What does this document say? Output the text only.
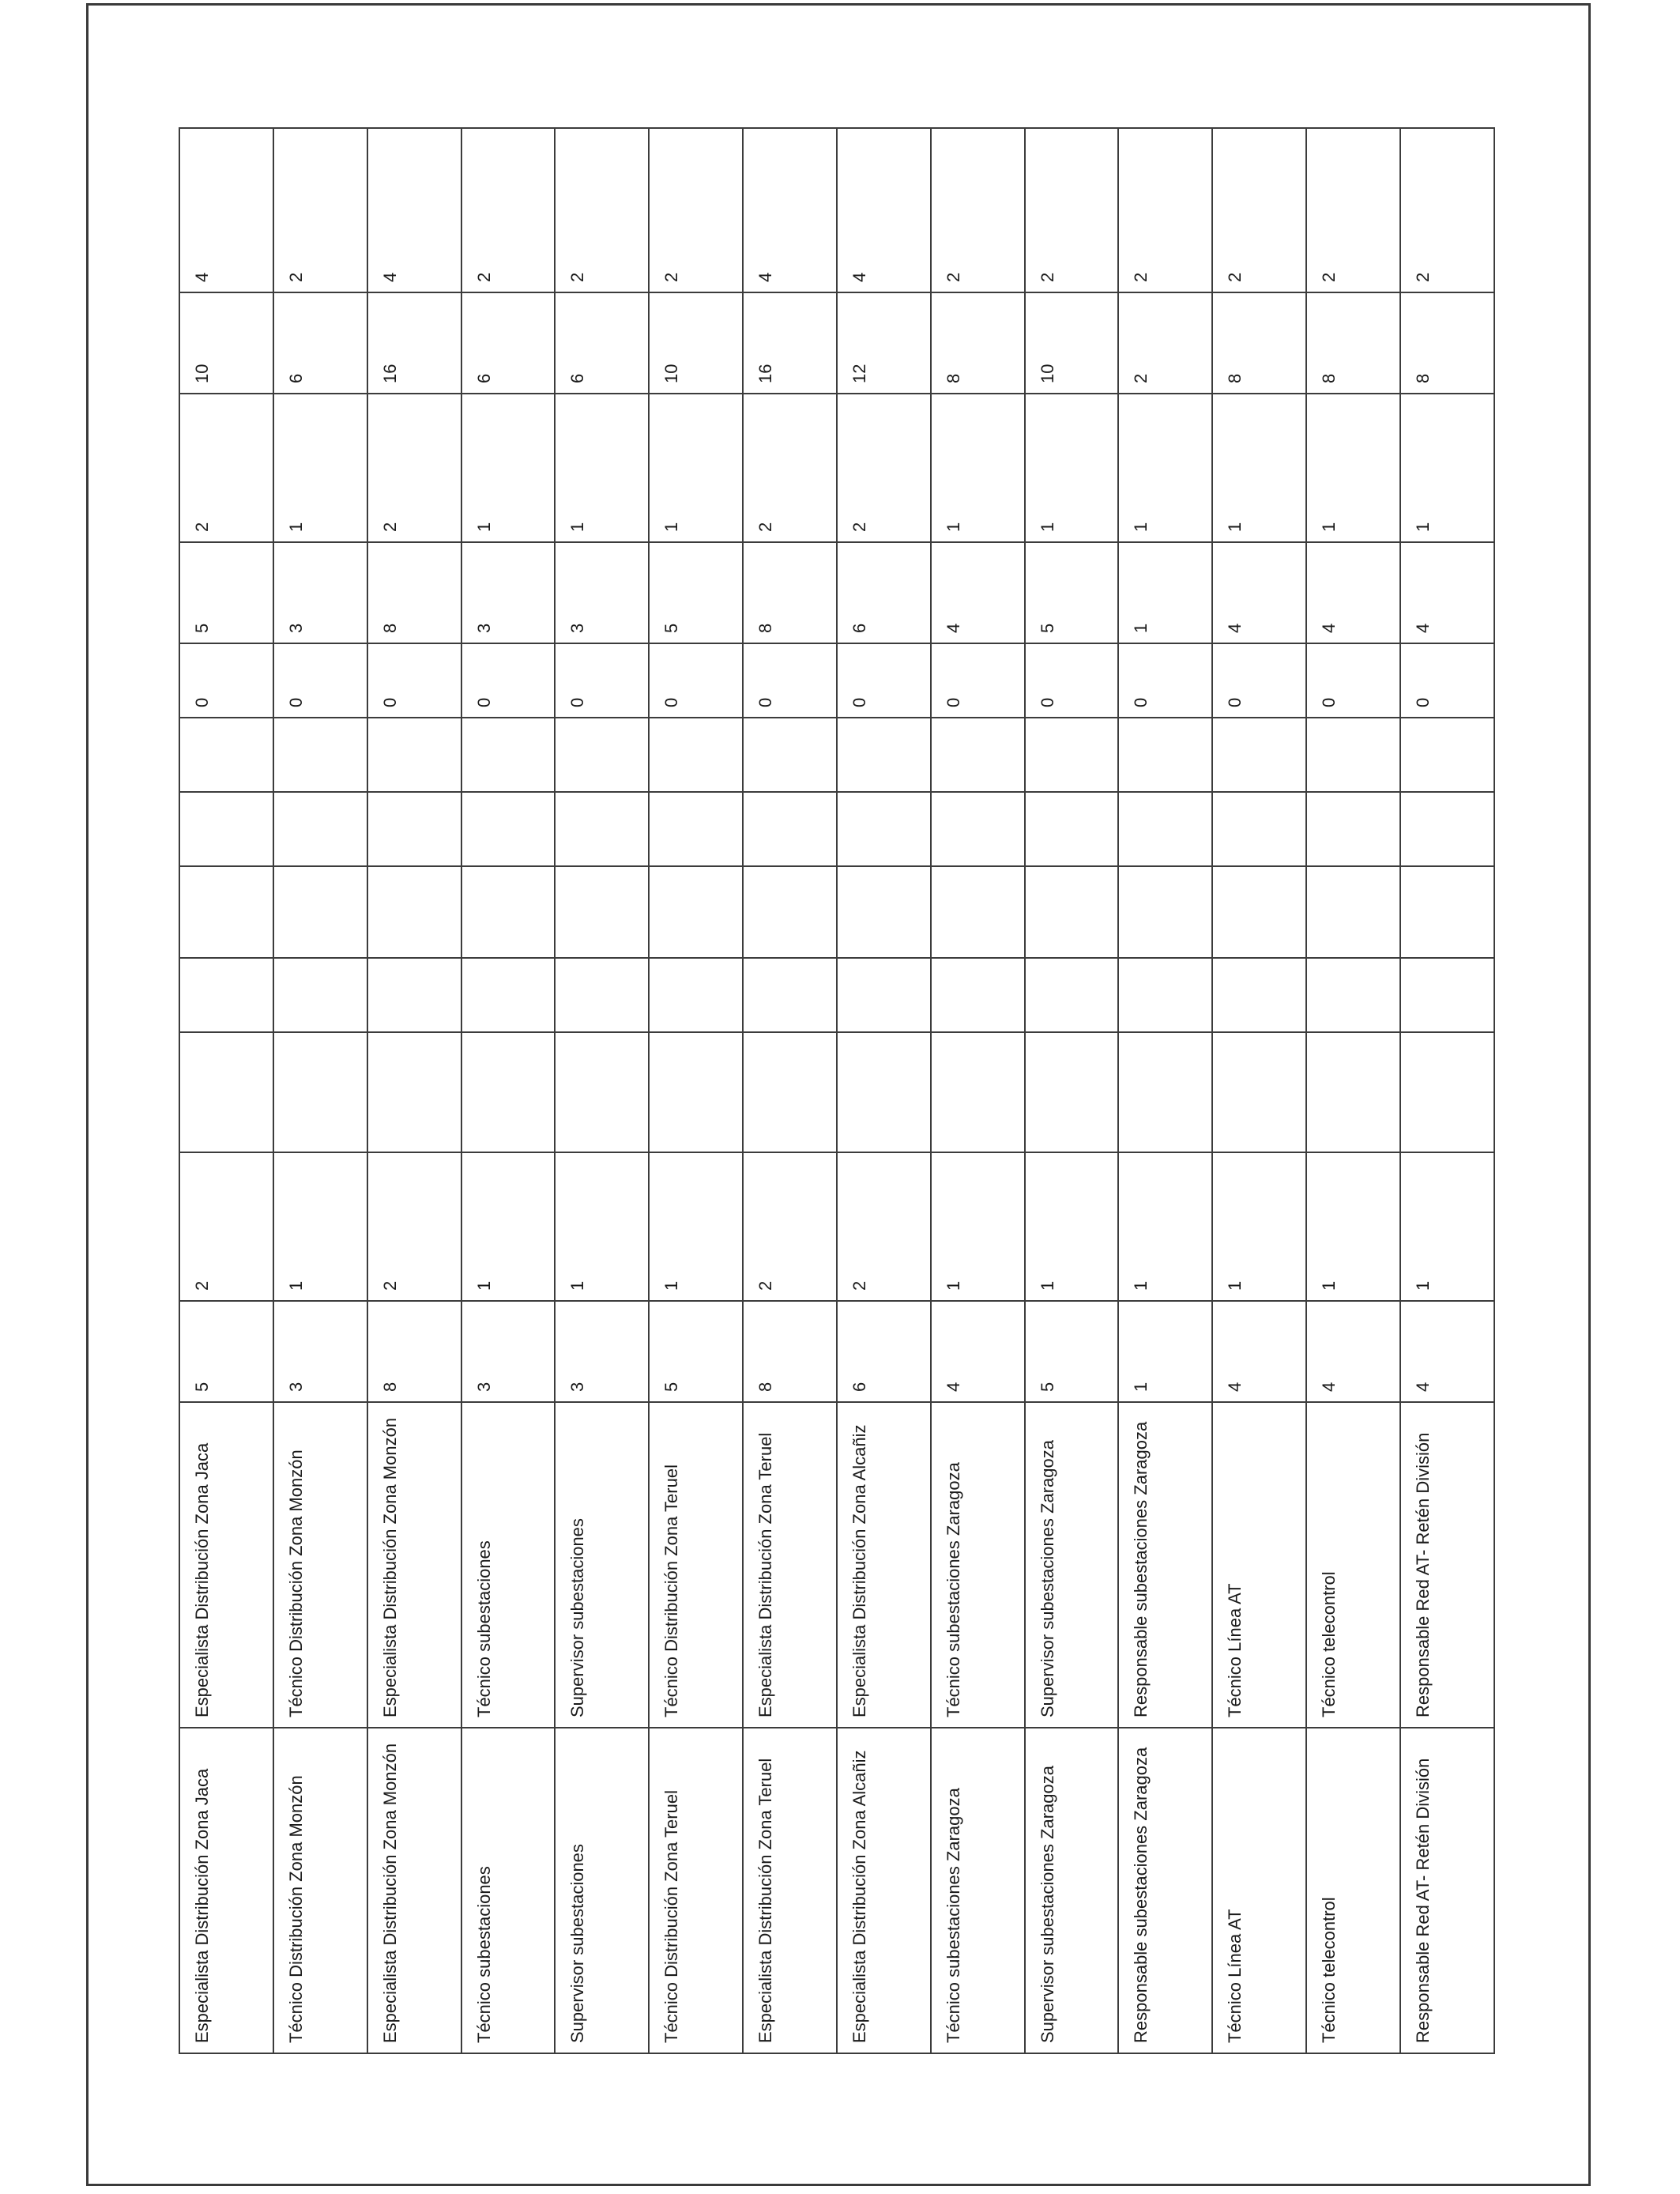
Especialista Distribución Zona Jaca	Especialista Distribución Zona Jaca	5	2						0	5	2	10	4
Técnico Distribución Zona Monzón	Técnico Distribución Zona Monzón	3	1						0	3	1	6	2
Especialista Distribución Zona Monzón	Especialista Distribución Zona Monzón	8	2						0	8	2	16	4
Técnico subestaciones	Técnico subestaciones	3	1						0	3	1	6	2
Supervisor subestaciones	Supervisor subestaciones	3	1						0	3	1	6	2
Técnico Distribución Zona Teruel	Técnico Distribución Zona Teruel	5	1						0	5	1	10	2
Especialista Distribución Zona Teruel	Especialista Distribución Zona Teruel	8	2						0	8	2	16	4
Especialista Distribución Zona Alcañiz	Especialista Distribución Zona Alcañiz	6	2						0	6	2	12	4
Técnico subestaciones Zaragoza	Técnico subestaciones Zaragoza	4	1						0	4	1	8	2
Supervisor subestaciones Zaragoza	Supervisor subestaciones Zaragoza	5	1						0	5	1	10	2
Responsable subestaciones Zaragoza	Responsable subestaciones Zaragoza	1	1						0	1	1	2	2
Técnico Línea AT	Técnico Línea AT	4	1						0	4	1	8	2
Técnico telecontrol	Técnico telecontrol	4	1						0	4	1	8	2
Responsable Red AT- Retén División	Responsable Red AT- Retén División	4	1						0	4	1	8	2
